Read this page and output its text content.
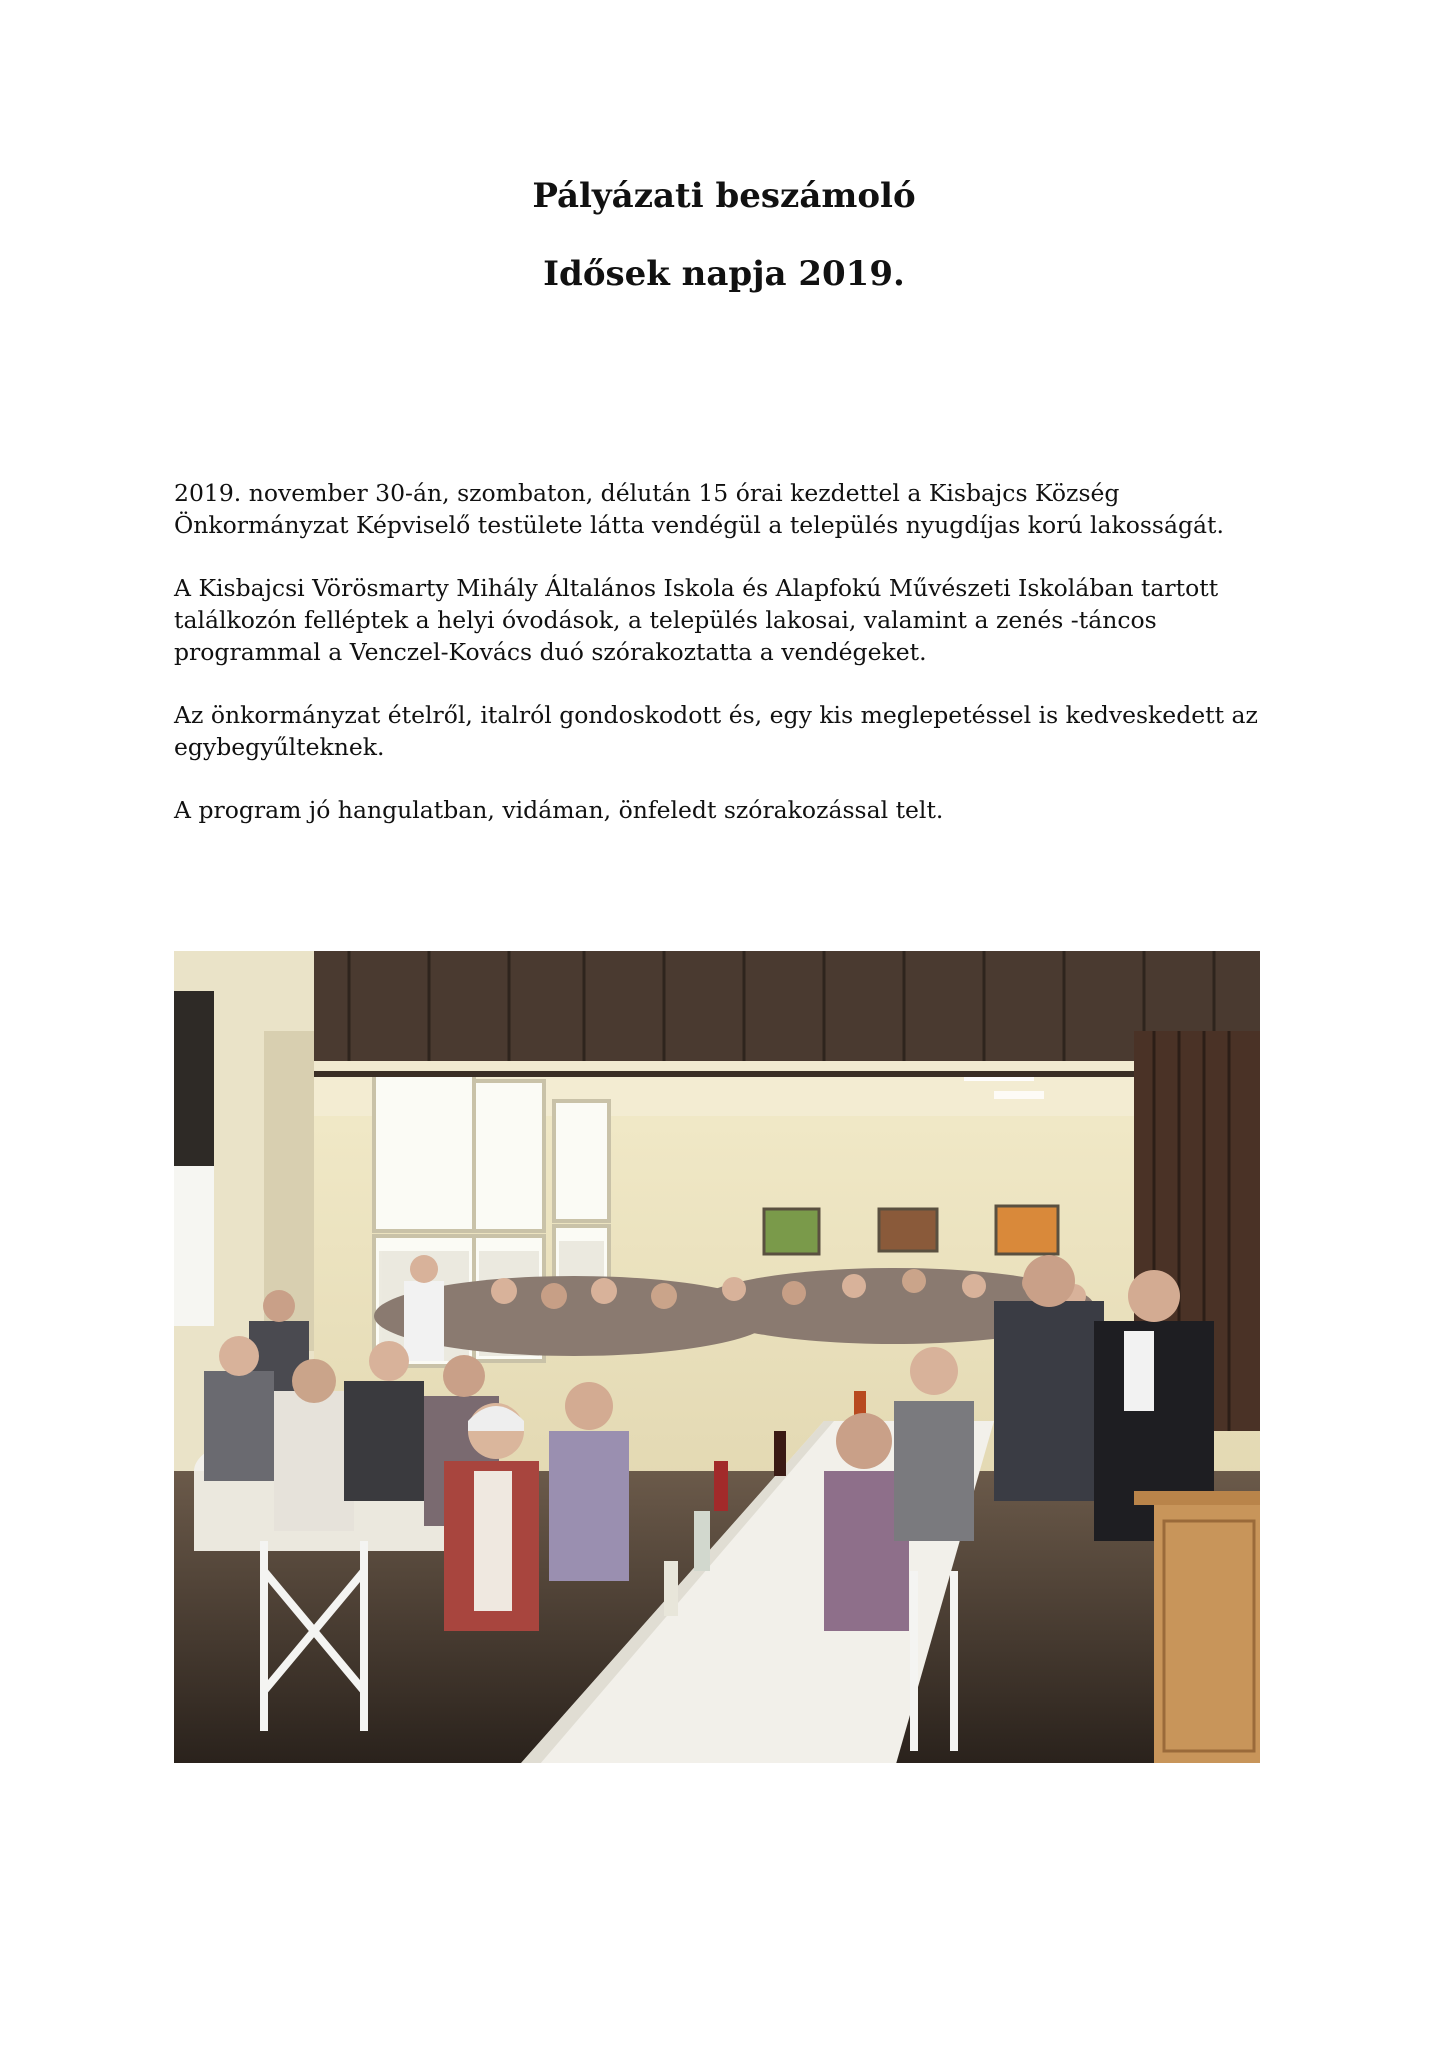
Pályázati beszámoló
Idősek napja 2019.

2019. november 30-án, szombaton, délután 15 órai kezdettel a Kisbajcs Község Önkormányzat Képviselő testülete látta vendégül a település nyugdíjas korú lakosságát.

A Kisbajcsi Vörösmarty Mihály Általános Iskola és Alapfokú Művészeti Iskolában tartott találkozón felléptek a helyi óvodások, a település lakosai, valamint a zenés -táncos programmal a Venczel-Kovács duó szórakoztatta a vendégeket.

Az önkormányzat ételről, italról gondoskodott és, egy kis meglepetéssel is kedveskedett az egybegyűlteknek.

A program jó hangulatban, vidáman, önfeledt szórakozással telt.
